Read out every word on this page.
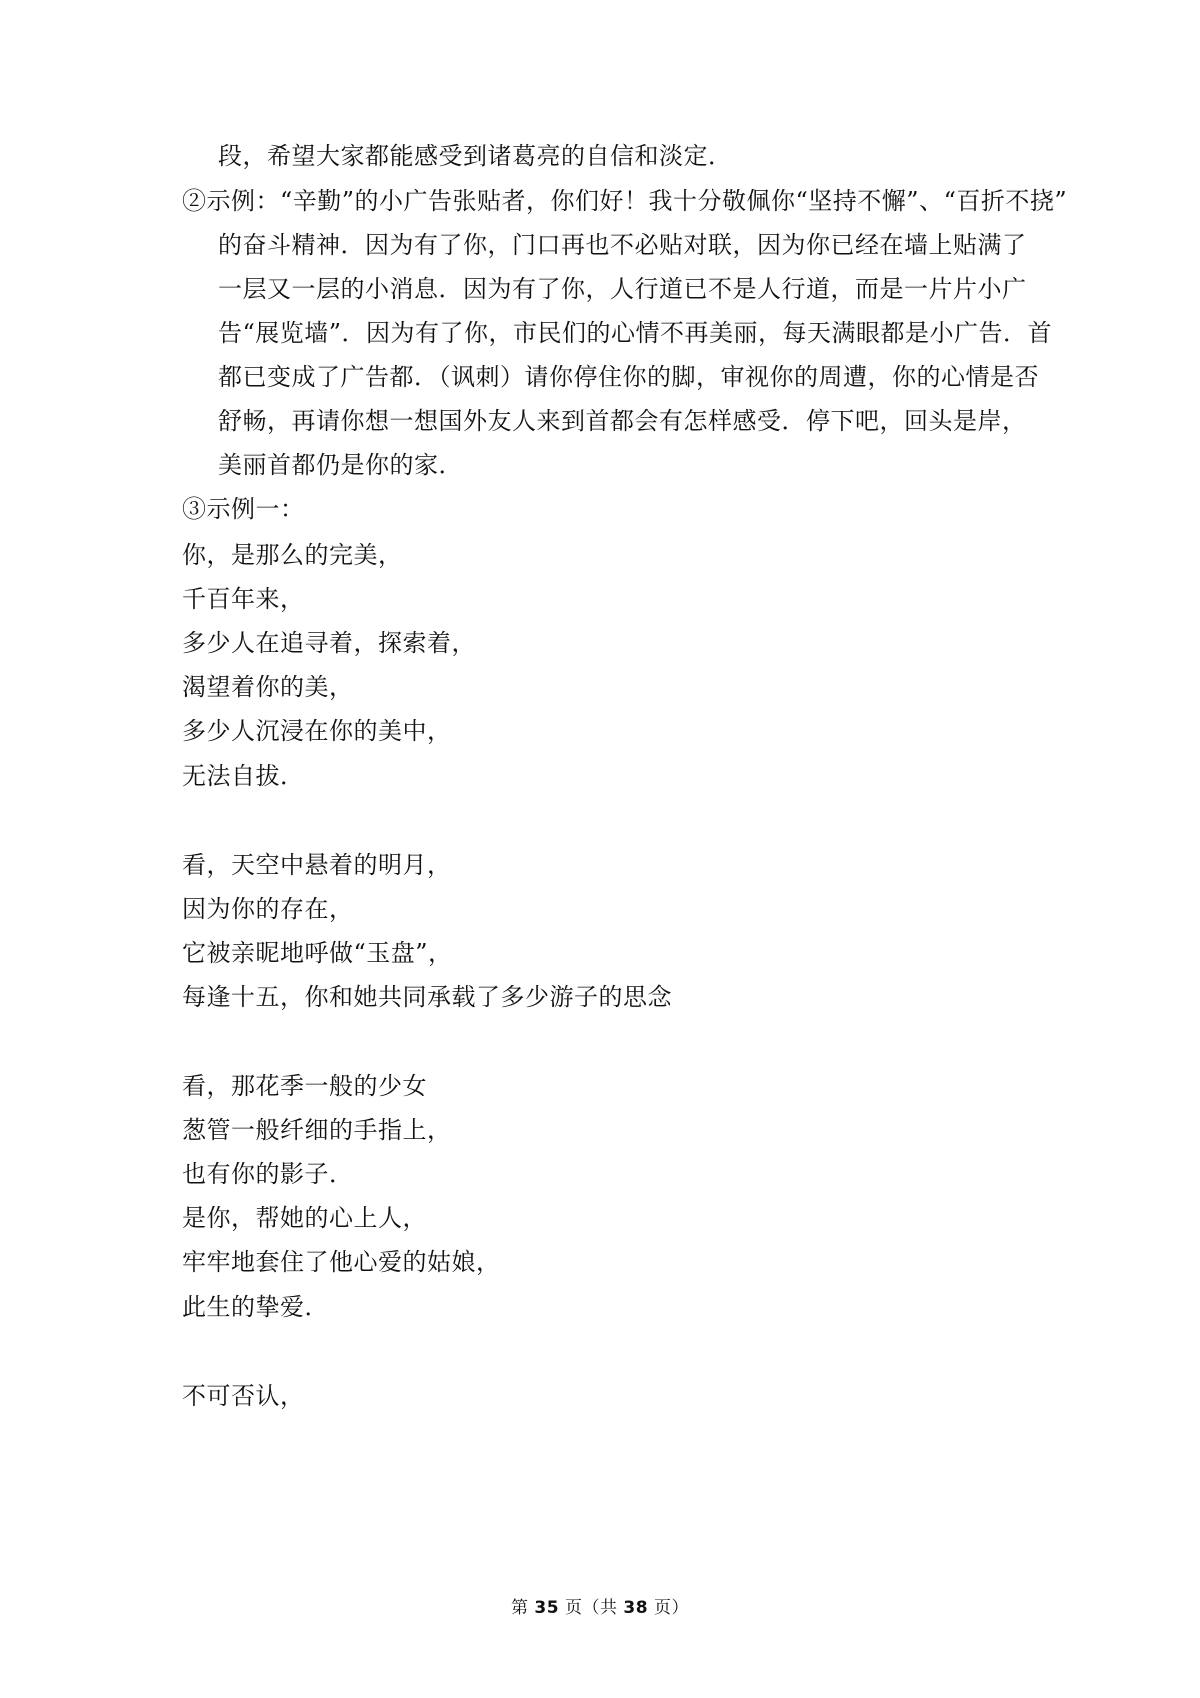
段，希望大家都能感受到诸葛亮的自信和淡定．
②示例：“辛勤”的小广告张贴者，你们好！我十分敬佩你“坚持不懈”、“百折不挠”
的奋斗精神．因为有了你，门口再也不必贴对联，因为你已经在墙上贴满了
一层又一层的小消息．因为有了你，人行道已不是人行道，而是一片片小广
告“展览墙”．因为有了你，市民们的心情不再美丽，每天满眼都是小广告．首
都已变成了广告都．（讽刺）请你停住你的脚，审视你的周遭，你的心情是否
舒畅，再请你想一想国外友人来到首都会有怎样感受．停下吧，回头是岸，
美丽首都仍是你的家．
③示例一：
你，是那么的完美，
千百年来，
多少人在追寻着，探索着，
渴望着你的美，
多少人沉浸在你的美中，
无法自拔．
看，天空中悬着的明月，
因为你的存在，
它被亲昵地呼做“玉盘”，
每逢十五，你和她共同承载了多少游子的思念
看，那花季一般的少女
葱管一般纤细的手指上，
也有你的影子．
是你，帮她的心上人，
牢牢地套住了他心爱的姑娘，
此生的挚爱．
不可否认，
第 35 页（共 38 页）
